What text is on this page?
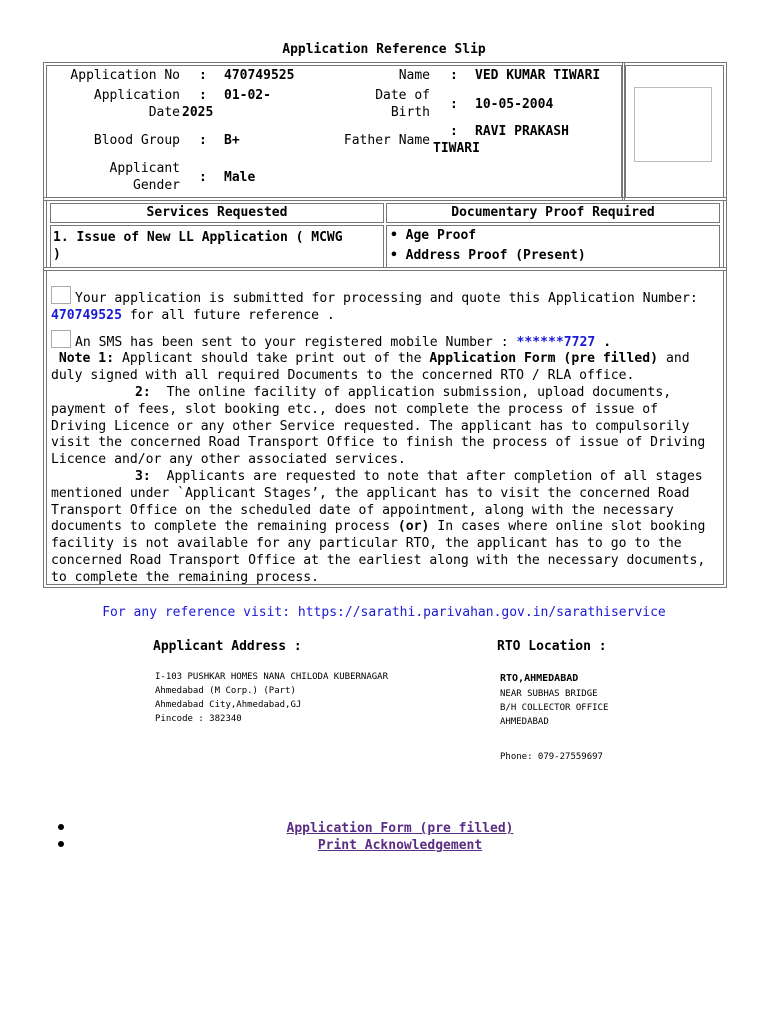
Application Reference Slip
Application No : 470749525
Application
Date
: 01-02-
2025
Blood Group : B+
Applicant
Gender
: Male
Name : VED KUMAR TIWARI
Date of
Birth
: 10-05-2004
Father Name
: RAVI PRAKASH
TIWARI
Services Requested	Documentary Proof Required
1. Issue of New LL Application ( MCWG
)
• Age Proof
• Address Proof (Present)
Your application is submitted for processing and quote this Application Number: 470749525 for all future reference .
An SMS has been sent to your registered mobile Number : ******7727 .
Note 1: Applicant should take print out of the Application Form (pre filled) and duly signed with all required Documents to the concerned RTO / RLA office.
2: The online facility of application submission, upload documents, payment of fees, slot booking etc., does not complete the process of issue of Driving Licence or any other Service requested. The applicant has to compulsorily visit the concerned Road Transport Office to finish the process of issue of Driving Licence and/or any other associated services.
3: Applicants are requested to note that after completion of all stages mentioned under `Applicant Stages’, the applicant has to visit the concerned Road Transport Office on the scheduled date of appointment, along with the necessary documents to complete the remaining process (or) In cases where online slot booking facility is not available for any particular RTO, the applicant has to go to the concerned Road Transport Office at the earliest along with the necessary documents, to complete the remaining process.
For any reference visit: https://sarathi.parivahan.gov.in/sarathiservice
Applicant Address :
I-103 PUSHKAR HOMES NANA CHILODA KUBERNAGAR
Ahmedabad (M Corp.) (Part)
Ahmedabad City,Ahmedabad,GJ
Pincode : 382340
RTO Location :
RTO,AHMEDABAD
NEAR SUBHAS BRIDGE
B/H COLLECTOR OFFICE
AHMEDABAD
Phone: 079-27559697
Application Form (pre filled)
Print Acknowledgement
